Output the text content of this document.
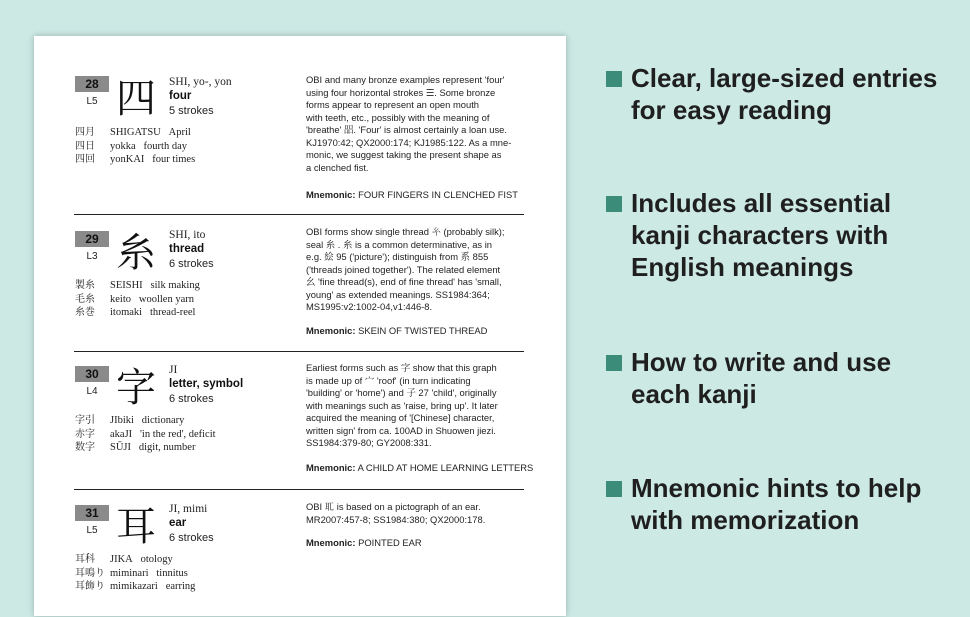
28
L5 四 SHI, yo-, yon
four
5 strokes
四月 SHIGATSU April
四日 yokka fourth day
四回 yonKAI four times
OBI and many bronze examples represent 'four'
using four horizontal strokes ☰. Some bronze
forms appear to represent an open mouth
with teeth, etc., possibly with the meaning of
'breathe' 㗊. 'Four' is almost certainly a loan use.
KJ1970:42; QX2000:174; KJ1985:122. As a mne-
monic, we suggest taking the present shape as
a clenched fist.
Mnemonic: FOUR FINGERS IN CLENCHED FIST
29
L3 糸 SHI, ito
thread
6 strokes
製糸 SEISHI silk making
毛糸 keito woollen yarn
糸巻 itomaki thread-reel
OBI forms show single thread 𢆯 (probably silk);
seal 糸 . 糸 is a common determinative, as in
e.g. 絵 95 ('picture'); distinguish from 系 855
('threads joined together'). The related element
幺 'fine thread(s), end of fine thread' has 'small,
young' as extended meanings. SS1984:364;
MS1995:v2:1002-04,v1:446-8.
Mnemonic: SKEIN OF TWISTED THREAD
30
L4 字 JI
letter, symbol
6 strokes
字引 JIbiki dictionary
赤字 akaJI 'in the red', deficit
数字 SŪJI digit, number
Earliest forms such as 字 show that this graph
is made up of 宀 'roof' (in turn indicating
'building' or 'home') and 子 27 'child', originally
with meanings such as 'raise, bring up'. It later
acquired the meaning of '[Chinese] character,
written sign' from ca. 100AD in Shuowen jiezi.
SS1984:379-80; GY2008:331.
Mnemonic: A CHILD AT HOME LEARNING LETTERS
31
L5 耳 JI, mimi
ear
6 strokes
耳科 JIKA otology
耳鳴り miminari tinnitus
耳飾り mimikazari earring
OBI 𦔮 is based on a pictograph of an ear.
MR2007:457-8; SS1984:380; QX2000:178.
Mnemonic: POINTED EAR
Clear, large-sized entries for easy reading
Includes all essential kanji characters with English meanings
How to write and use each kanji
Mnemonic hints to help with memorization
